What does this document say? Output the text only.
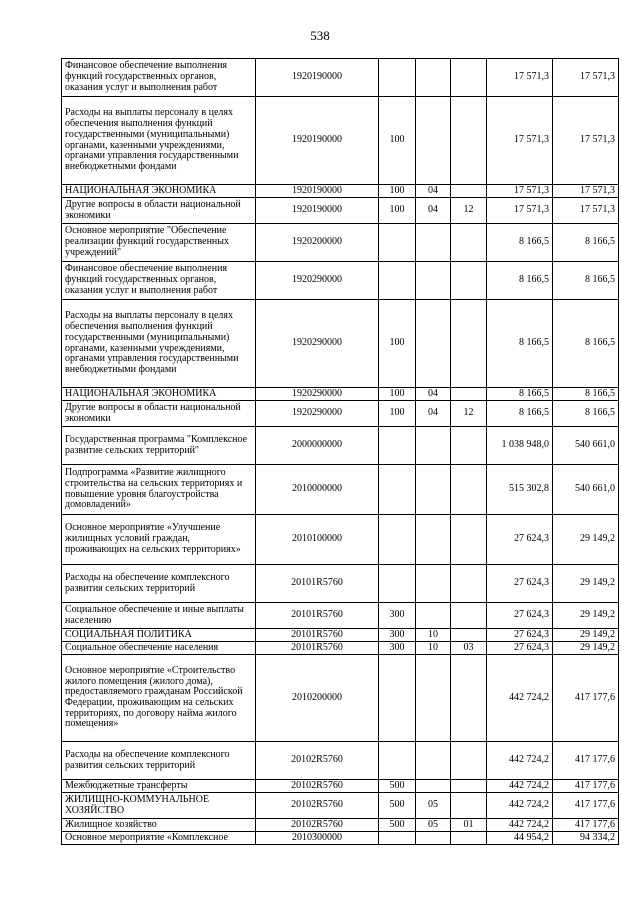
538
Финансовое обеспечение выполнения функций государственных органов, оказания услуг и выполнения работ	1920190000				17 571,3	17 571,3
Расходы на выплаты персоналу в целях обеспечения выполнения функций государственными (муниципальными) органами, казенными учреждениями, органами управления государственными внебюджетными фондами	1920190000	100			17 571,3	17 571,3
НАЦИОНАЛЬНАЯ ЭКОНОМИКА	1920190000	100	04		17 571,3	17 571,3
Другие вопросы в области национальной экономики	1920190000	100	04	12	17 571,3	17 571,3
Основное мероприятие "Обеспечение реализации функций государственных учреждений"	1920200000				8 166,5	8 166,5
Финансовое обеспечение выполнения функций государственных органов, оказания услуг и выполнения работ	1920290000				8 166,5	8 166,5
Расходы на выплаты персоналу в целях обеспечения выполнения функций государственными (муниципальными) органами, казенными учреждениями, органами управления государственными внебюджетными фондами	1920290000	100			8 166,5	8 166,5
НАЦИОНАЛЬНАЯ ЭКОНОМИКА	1920290000	100	04		8 166,5	8 166,5
Другие вопросы в области национальной экономики	1920290000	100	04	12	8 166,5	8 166,5
Государственная программа "Комплексное развитие сельских территорий"	2000000000				1 038 948,0	540 661,0
Подпрограмма «Развитие жилищного строительства на сельских территориях и повышение уровня благоустройства домовладений»	2010000000				515 302,8	540 661,0
Основное мероприятие «Улучшение жилищных условий граждан, проживающих на сельских территориях»	2010100000				27 624,3	29 149,2
Расходы на обеспечение комплексного развития сельских территорий	20101R5760				27 624,3	29 149,2
Социальное обеспечение и иные выплаты населению	20101R5760	300			27 624,3	29 149,2
СОЦИАЛЬНАЯ ПОЛИТИКА	20101R5760	300	10		27 624,3	29 149,2
Социальное обеспечение населения	20101R5760	300	10	03	27 624,3	29 149,2
Основное мероприятие «Строительство жилого помещения (жилого дома), предоставляемого гражданам Российской Федерации, проживающим на сельских территориях, по договору найма жилого помещения»	2010200000				442 724,2	417 177,6
Расходы на обеспечение комплексного развития сельских территорий	20102R5760				442 724,2	417 177,6
Межбюджетные трансферты	20102R5760	500			442 724,2	417 177,6
ЖИЛИЩНО-КОММУНАЛЬНОЕ ХОЗЯЙСТВО	20102R5760	500	05		442 724,2	417 177,6
Жилищное хозяйство	20102R5760	500	05	01	442 724,2	417 177,6
Основное мероприятие «Комплексное	2010300000				44 954,2	94 334,2
